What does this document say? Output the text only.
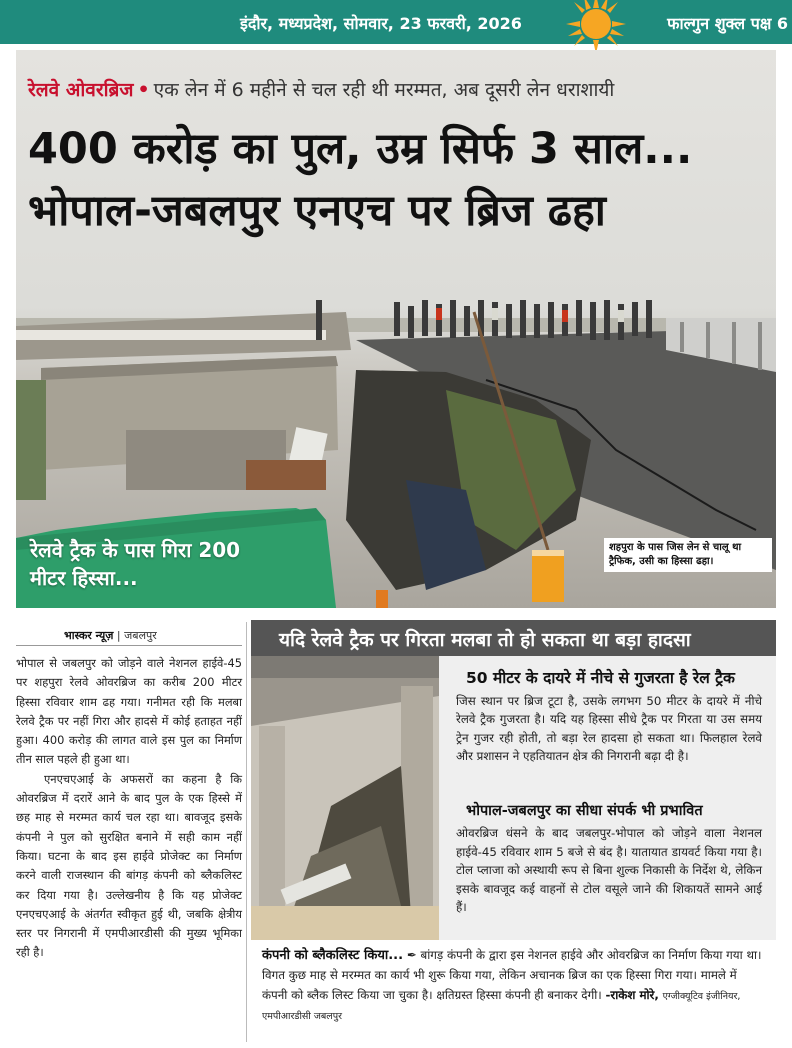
इंदौर, मध्यप्रदेश, सोमवार, 23 फरवरी, 2026	फाल्गुन शुक्ल पक्ष 6
रेलवे ओवरब्रिज • एक लेन में 6 महीने से चल रही थी मरम्मत, अब दूसरी लेन धराशायी
400 करोड़ का पुल, उम्र सिर्फ 3 साल...
भोपाल-जबलपुर एनएच पर ब्रिज ढहा
रेलवे ट्रैक के पास गिरा 200 मीटर हिस्सा...
शहपुरा के पास जिस लेन से चालू था ट्रैफिक, उसी का हिस्सा ढहा।
भास्कर न्यूज़ | जबलपुर

भोपाल से जबलपुर को जोड़ने वाले नेशनल हाईवे-45 पर शहपुरा रेलवे ओवरब्रिज का करीब 200 मीटर हिस्सा रविवार शाम ढह गया। गनीमत रही कि मलबा रेलवे ट्रैक पर नहीं गिरा और हादसे में कोई हताहत नहीं हुआ। 400 करोड़ की लागत वाले इस पुल का निर्माण तीन साल पहले ही हुआ था।

एनएचएआई के अफसरों का कहना है कि ओवरब्रिज में दरारें आने के बाद पुल के एक हिस्से में छह माह से मरम्मत कार्य चल रहा था। बावजूद इसके कंपनी ने पुल को सुरक्षित बनाने में सही काम नहीं किया। घटना के बाद इस हाईवे प्रोजेक्ट का निर्माण करने वाली राजस्थान की बांगड़ कंपनी को ब्लैकलिस्ट कर दिया गया है। उल्लेखनीय है कि यह प्रोजेक्ट एनएचएआई के अंतर्गत स्वीकृत हुई थी, जबकि क्षेत्रीय स्तर पर निगरानी में एमपीआरडीसी की मुख्य भूमिका रही है।

यदि रेलवे ट्रैक पर गिरता मलबा तो हो सकता था बड़ा हादसा
50 मीटर के दायरे में नीचे से गुजरता है रेल ट्रैक
जिस स्थान पर ब्रिज टूटा है, उसके लगभग 50 मीटर के दायरे में नीचे रेलवे ट्रैक गुजरता है। यदि यह हिस्सा सीधे ट्रैक पर गिरता या उस समय ट्रेन गुजर रही होती, तो बड़ा रेल हादसा हो सकता था। फिलहाल रेलवे और प्रशासन ने एहतियातन क्षेत्र की निगरानी बढ़ा दी है।
भोपाल-जबलपुर का सीधा संपर्क भी प्रभावित
ओवरब्रिज धंसने के बाद जबलपुर-भोपाल को जोड़ने वाला नेशनल हाईवे-45 रविवार शाम 5 बजे से बंद है। यातायात डायवर्ट किया गया है। टोल प्लाजा को अस्थायी रूप से बिना शुल्क निकासी के निर्देश थे, लेकिन इसके बावजूद कई वाहनों से टोल वसूले जाने की शिकायतें सामने आई हैं।
कंपनी को ब्लैकलिस्ट किया... ✒ बांगड़ कंपनी के द्वारा इस नेशनल हाईवे और ओवरब्रिज का निर्माण किया गया था। विगत कुछ माह से मरम्मत का कार्य भी शुरू किया गया, लेकिन अचानक ब्रिज का एक हिस्सा गिरा गया। मामले में कंपनी को ब्लैक लिस्ट किया जा चुका है। क्षतिग्रस्त हिस्सा कंपनी ही बनाकर देगी। -राकेश मोरे, एग्जीक्यूटिव इंजीनियर, एमपीआरडीसी जबलपुर
